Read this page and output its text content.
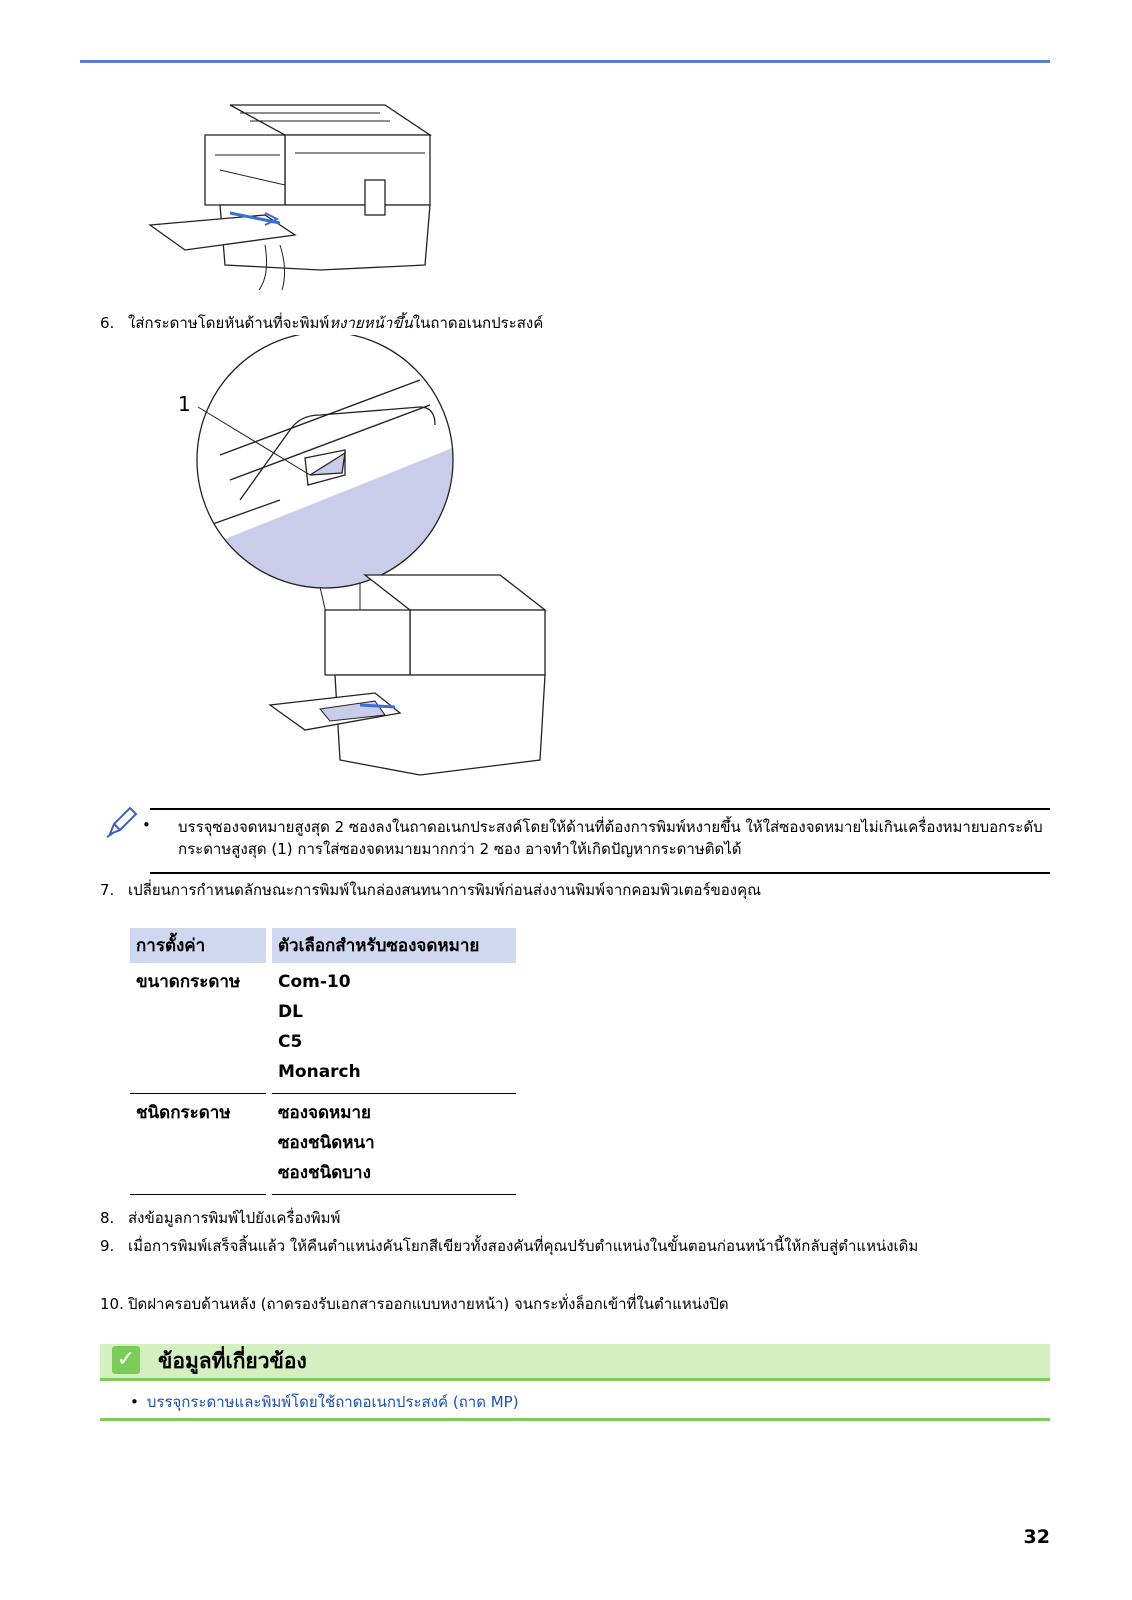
6. ใส่กระดาษโดยหันด้านที่จะพิมพ์หงายหน้าขึ้นในถาดอเนกประสงค์
1
• บรรจุซองจดหมายสูงสุด 2 ซองลงในถาดอเนกประสงค์โดยให้ด้านที่ต้องการพิมพ์หงายขึ้น ให้ใส่ซองจดหมายไม่เกินเครื่องหมายบอกระดับกระดาษสูงสุด (1) การใส่ซองจดหมายมากกว่า 2 ซอง อาจทำให้เกิดปัญหากระดาษติดได้
7. เปลี่ยนการกำหนดลักษณะการพิมพ์ในกล่องสนทนาการพิมพ์ก่อนส่งงานพิมพ์จากคอมพิวเตอร์ของคุณ
การตั้งค่า	ตัวเลือกสำหรับซองจดหมาย
ขนาดกระดาษ	Com-10
DL
C5
Monarch

ชนิดกระดาษ	ซองจดหมาย
ซองชนิดหนา
ซองชนิดบาง
8. ส่งข้อมูลการพิมพ์ไปยังเครื่องพิมพ์
9. เมื่อการพิมพ์เสร็จสิ้นแล้ว ให้คืนตำแหน่งคันโยกสีเขียวทั้งสองคันที่คุณปรับตำแหน่งในขั้นตอนก่อนหน้านี้ให้กลับสู่ตำแหน่งเดิม
10. ปิดฝาครอบด้านหลัง (ถาดรองรับเอกสารออกแบบหงายหน้า) จนกระทั่งล็อกเข้าที่ในตำแหน่งปิด
✓ ข้อมูลที่เกี่ยวข้อง
• บรรจุกระดาษและพิมพ์โดยใช้ถาดอเนกประสงค์ (ถาด MP)
32
